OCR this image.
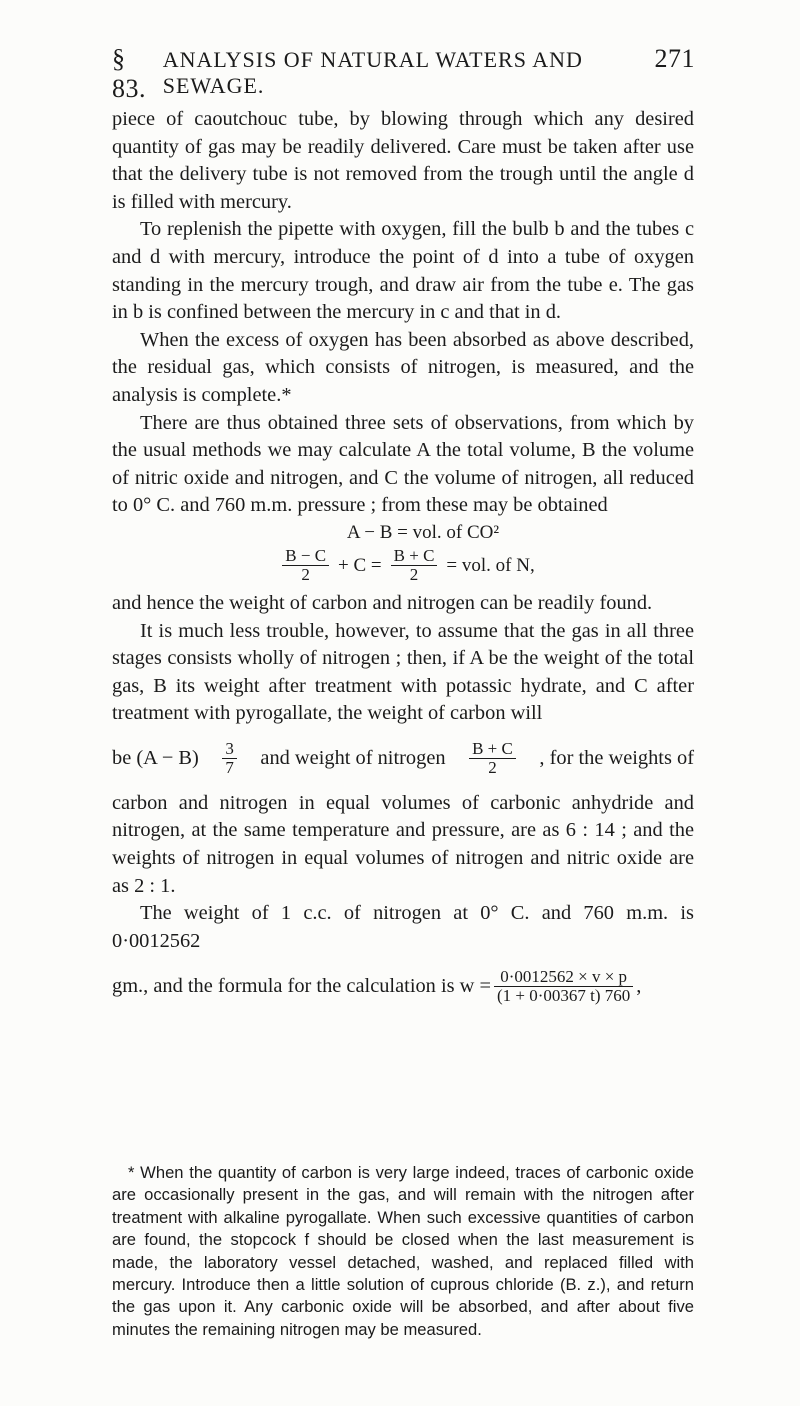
§ 83.
ANALYSIS OF NATURAL WATERS AND SEWAGE.
271

piece of caoutchouc tube, by blowing through which any desired quantity of gas may be readily delivered. Care must be taken after use that the delivery tube is not removed from the trough until the angle d is filled with mercury.

To replenish the pipette with oxygen, fill the bulb b and the tubes c and d with mercury, introduce the point of d into a tube of oxygen standing in the mercury trough, and draw air from the tube e. The gas in b is confined between the mercury in c and that in d.

When the excess of oxygen has been absorbed as above described, the residual gas, which consists of nitrogen, is measured, and the analysis is complete.*

There are thus obtained three sets of observations, from which by the usual methods we may calculate A the total volume, B the volume of nitric oxide and nitrogen, and C the volume of nitrogen, all reduced to 0° C. and 760 m.m. pressure ; from these may be obtained

A − B = vol. of CO²
$\frac{B - C}{2} + C = \frac{B + C}{2}$ = vol. of N,

and hence the weight of carbon and nitrogen can be readily found.

It is much less trouble, however, to assume that the gas in all three stages consists wholly of nitrogen ; then, if A be the weight of the total gas, B its weight after treatment with potassic hydrate, and C after treatment with pyrogallate, the weight of carbon will

be $(A - B) \frac{3}{7}$ and weight of nitrogen $\frac{B + C}{2}$ , for the weights of

carbon and nitrogen in equal volumes of carbonic anhydride and nitrogen, at the same temperature and pressure, are as 6 : 14 ; and the weights of nitrogen in equal volumes of nitrogen and nitric oxide are as 2 : 1.

The weight of 1 c.c. of nitrogen at 0° C. and 760 m.m. is 0·0012562

gm., and the formula for the calculation is $w = \frac{0\cdot 0012562 \times v \times p}{(1 + 0\cdot 00367 t) 760}$ ,

* When the quantity of carbon is very large indeed, traces of carbonic oxide are occasionally present in the gas, and will remain with the nitrogen after treatment with alkaline pyrogallate. When such excessive quantities of carbon are found, the stopcock f should be closed when the last measurement is made, the laboratory vessel detached, washed, and replaced filled with mercury. Introduce then a little solution of cuprous chloride (B. z.), and return the gas upon it. Any carbonic oxide will be absorbed, and after about five minutes the remaining nitrogen may be measured.
